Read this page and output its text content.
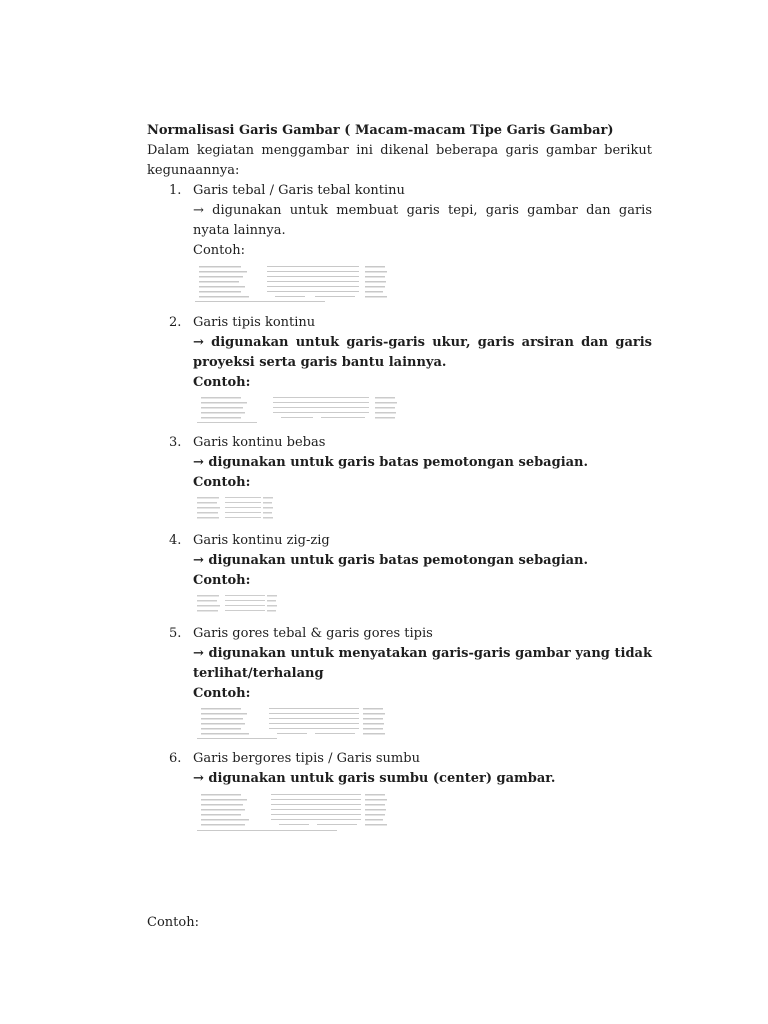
Normalisasi Garis Gambar ( Macam-macam Tipe Garis Gambar)
Dalam kegiatan menggambar ini dikenal beberapa garis gambar berikut kegunaannya:
1. Garis tebal / Garis tebal kontinu
→ digunakan untuk membuat garis tepi, garis gambar dan garis nyata lainnya.
Contoh:
2. Garis tipis kontinu
→ digunakan untuk garis-garis ukur, garis arsiran dan garis proyeksi serta garis bantu lainnya.
Contoh:
3. Garis kontinu bebas
→ digunakan untuk garis batas pemotongan sebagian.
Contoh:
4. Garis kontinu zig-zig
→ digunakan untuk garis batas pemotongan sebagian.
Contoh:
5. Garis gores tebal & garis gores tipis
→ digunakan untuk menyatakan garis-garis gambar yang tidak terlihat/terhalang
Contoh:
6. Garis bergores tipis / Garis sumbu
→ digunakan untuk garis sumbu (center) gambar.
Contoh:
